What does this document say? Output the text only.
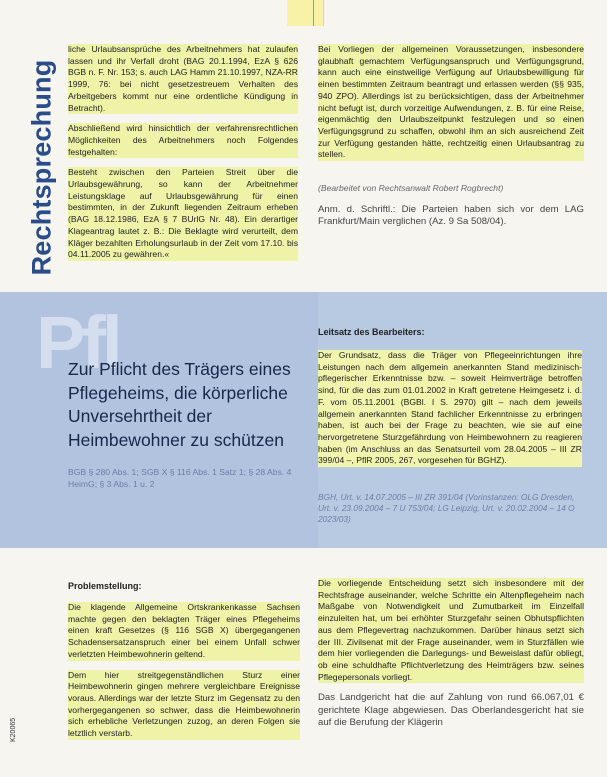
Rechtsprechung

liche Urlaubsansprüche des Arbeitnehmers hat zulaufen lassen und ihr Verfall droht (BAG 20.1.1994, EzA § 626 BGB n. F. Nr. 153; s. auch LAG Hamm 21.10.1997, NZA-RR 1999, 76: bei nicht gesetzestreuem Verhalten des Arbeitgebers kommt nur eine ordentliche Kündigung in Betracht).

Abschließend wird hinsichtlich der verfahrensrechtlichen Möglichkeiten des Arbeitnehmers noch Folgendes festgehalten:

Besteht zwischen den Parteien Streit über die Urlaubsgewährung, so kann der Arbeitnehmer Leistungsklage auf Urlaubsgewährung für einen bestimmten, in der Zukunft liegenden Zeitraum erheben (BAG 18.12.1986, EzA § 7 BUrlG Nr. 48). Ein derartiger Klageantrag lautet z. B.: Die Beklagte wird verurteilt, dem Kläger bezahlten Erholungsurlaub in der Zeit vom 17.10. bis 04.11.2005 zu gewähren.«

Bei Vorliegen der allgemeinen Voraussetzungen, insbesondere glaubhaft gemachtem Verfügungsanspruch und Verfügungsgrund, kann auch eine einstweilige Verfügung auf Urlaubsbewilligung für einen bestimmten Zeitraum beantragt und erlassen werden (§§ 935, 940 ZPO). Allerdings ist zu berücksichtigen, dass der Arbeitnehmer nicht befugt ist, durch vorzeitige Aufwendungen, z. B. für eine Reise, eigenmächtig den Urlaubszeitpunkt festzulegen und so einen Verfügungsgrund zu schaffen, obwohl ihm an sich ausreichend Zeit zur Verfügung gestanden hätte, rechtzeitig einen Urlaubsantrag zu stellen.

(Bearbeitet von Rechtsanwalt Robert Rogbrecht)

Anm. d. Schriftl.: Die Parteien haben sich vor dem LAG Frankfurt/Main verglichen (Az. 9 Sa 508/04).

Pfl
Zur Pflicht des Trägers eines Pflegeheims, die körperliche Unversehrtheit der Heimbewohner zu schützen
BGB § 280 Abs. 1; SGB X § 116 Abs. 1 Satz 1; § 28 Abs. 4 HeimG; § 3 Abs. 1 u. 2
Leitsatz des Bearbeiters:
Der Grundsatz, dass die Träger von Pflegeeinrichtungen ihre Leistungen nach dem allgemein anerkannten Stand medizinisch-pflegerischer Erkenntnisse bzw. – soweit Heimverträge betroffen sind, für die das zum 01.01.2002 in Kraft getretene Heimgesetz i. d. F. vom 05.11.2001 (BGBl. I S. 2970) gilt – nach dem jeweils allgemein anerkannten Stand fachlicher Erkenntnisse zu erbringen haben, ist auch bei der Frage zu beachten, wie sie auf eine hervorgetretene Sturzgefährdung von Heimbewohnern zu reagieren haben (im Anschluss an das Senatsurteil vom 28.04.2005 – III ZR 399/04 –, PflR 2005, 267, vorgesehen für BGHZ).
BGH, Urt. v. 14.07.2005 – III ZR 391/04 (Vorinstanzen: OLG Dresden, Urt. v. 23.09.2004 – 7 U 753/04; LG Leipzig, Urt. v. 20.02.2004 – 14 O 2023/03)
Problemstellung:

Die klagende Allgemeine Ortskrankenkasse Sachsen machte gegen den beklagten Träger eines Pflegeheims einen kraft Gesetzes (§ 116 SGB X) übergegangenen Schadensersatzanspruch einer bei einem Unfall schwer verletzten Heimbewohnerin geltend.

Dem hier streitgegenständlichen Sturz einer Heimbewohnerin gingen mehrere vergleichbare Ereignisse voraus. Allerdings war der letzte Sturz im Gegensatz zu den vorhergegangenen so schwer, dass die Heimbewohnerin sich erhebliche Verletzungen zuzog, an deren Folgen sie letztlich verstarb.

Die vorliegende Entscheidung setzt sich insbesondere mit der Rechtsfrage auseinander, welche Schritte ein Altenpflegeheim nach Maßgabe von Notwendigkeit und Zumutbarkeit im Einzelfall einzuleiten hat, um bei erhöhter Sturzgefahr seinen Obhutspflichten aus dem Pflegevertrag nachzukommen. Darüber hinaus setzt sich der III. Zivilsenat mit der Frage auseinander, wem in Sturzfällen wie dem hier vorliegenden die Darlegungs- und Beweislast dafür obliegt, ob eine schuldhafte Pflichtverletzung des Heimträgers bzw. seines Pflegepersonals vorliegt.

Das Landgericht hat die auf Zahlung von rund 66.067,01 € gerichtete Klage abgewiesen. Das Oberlandesgericht hat sie auf die Berufung der Klägerin

K20065
